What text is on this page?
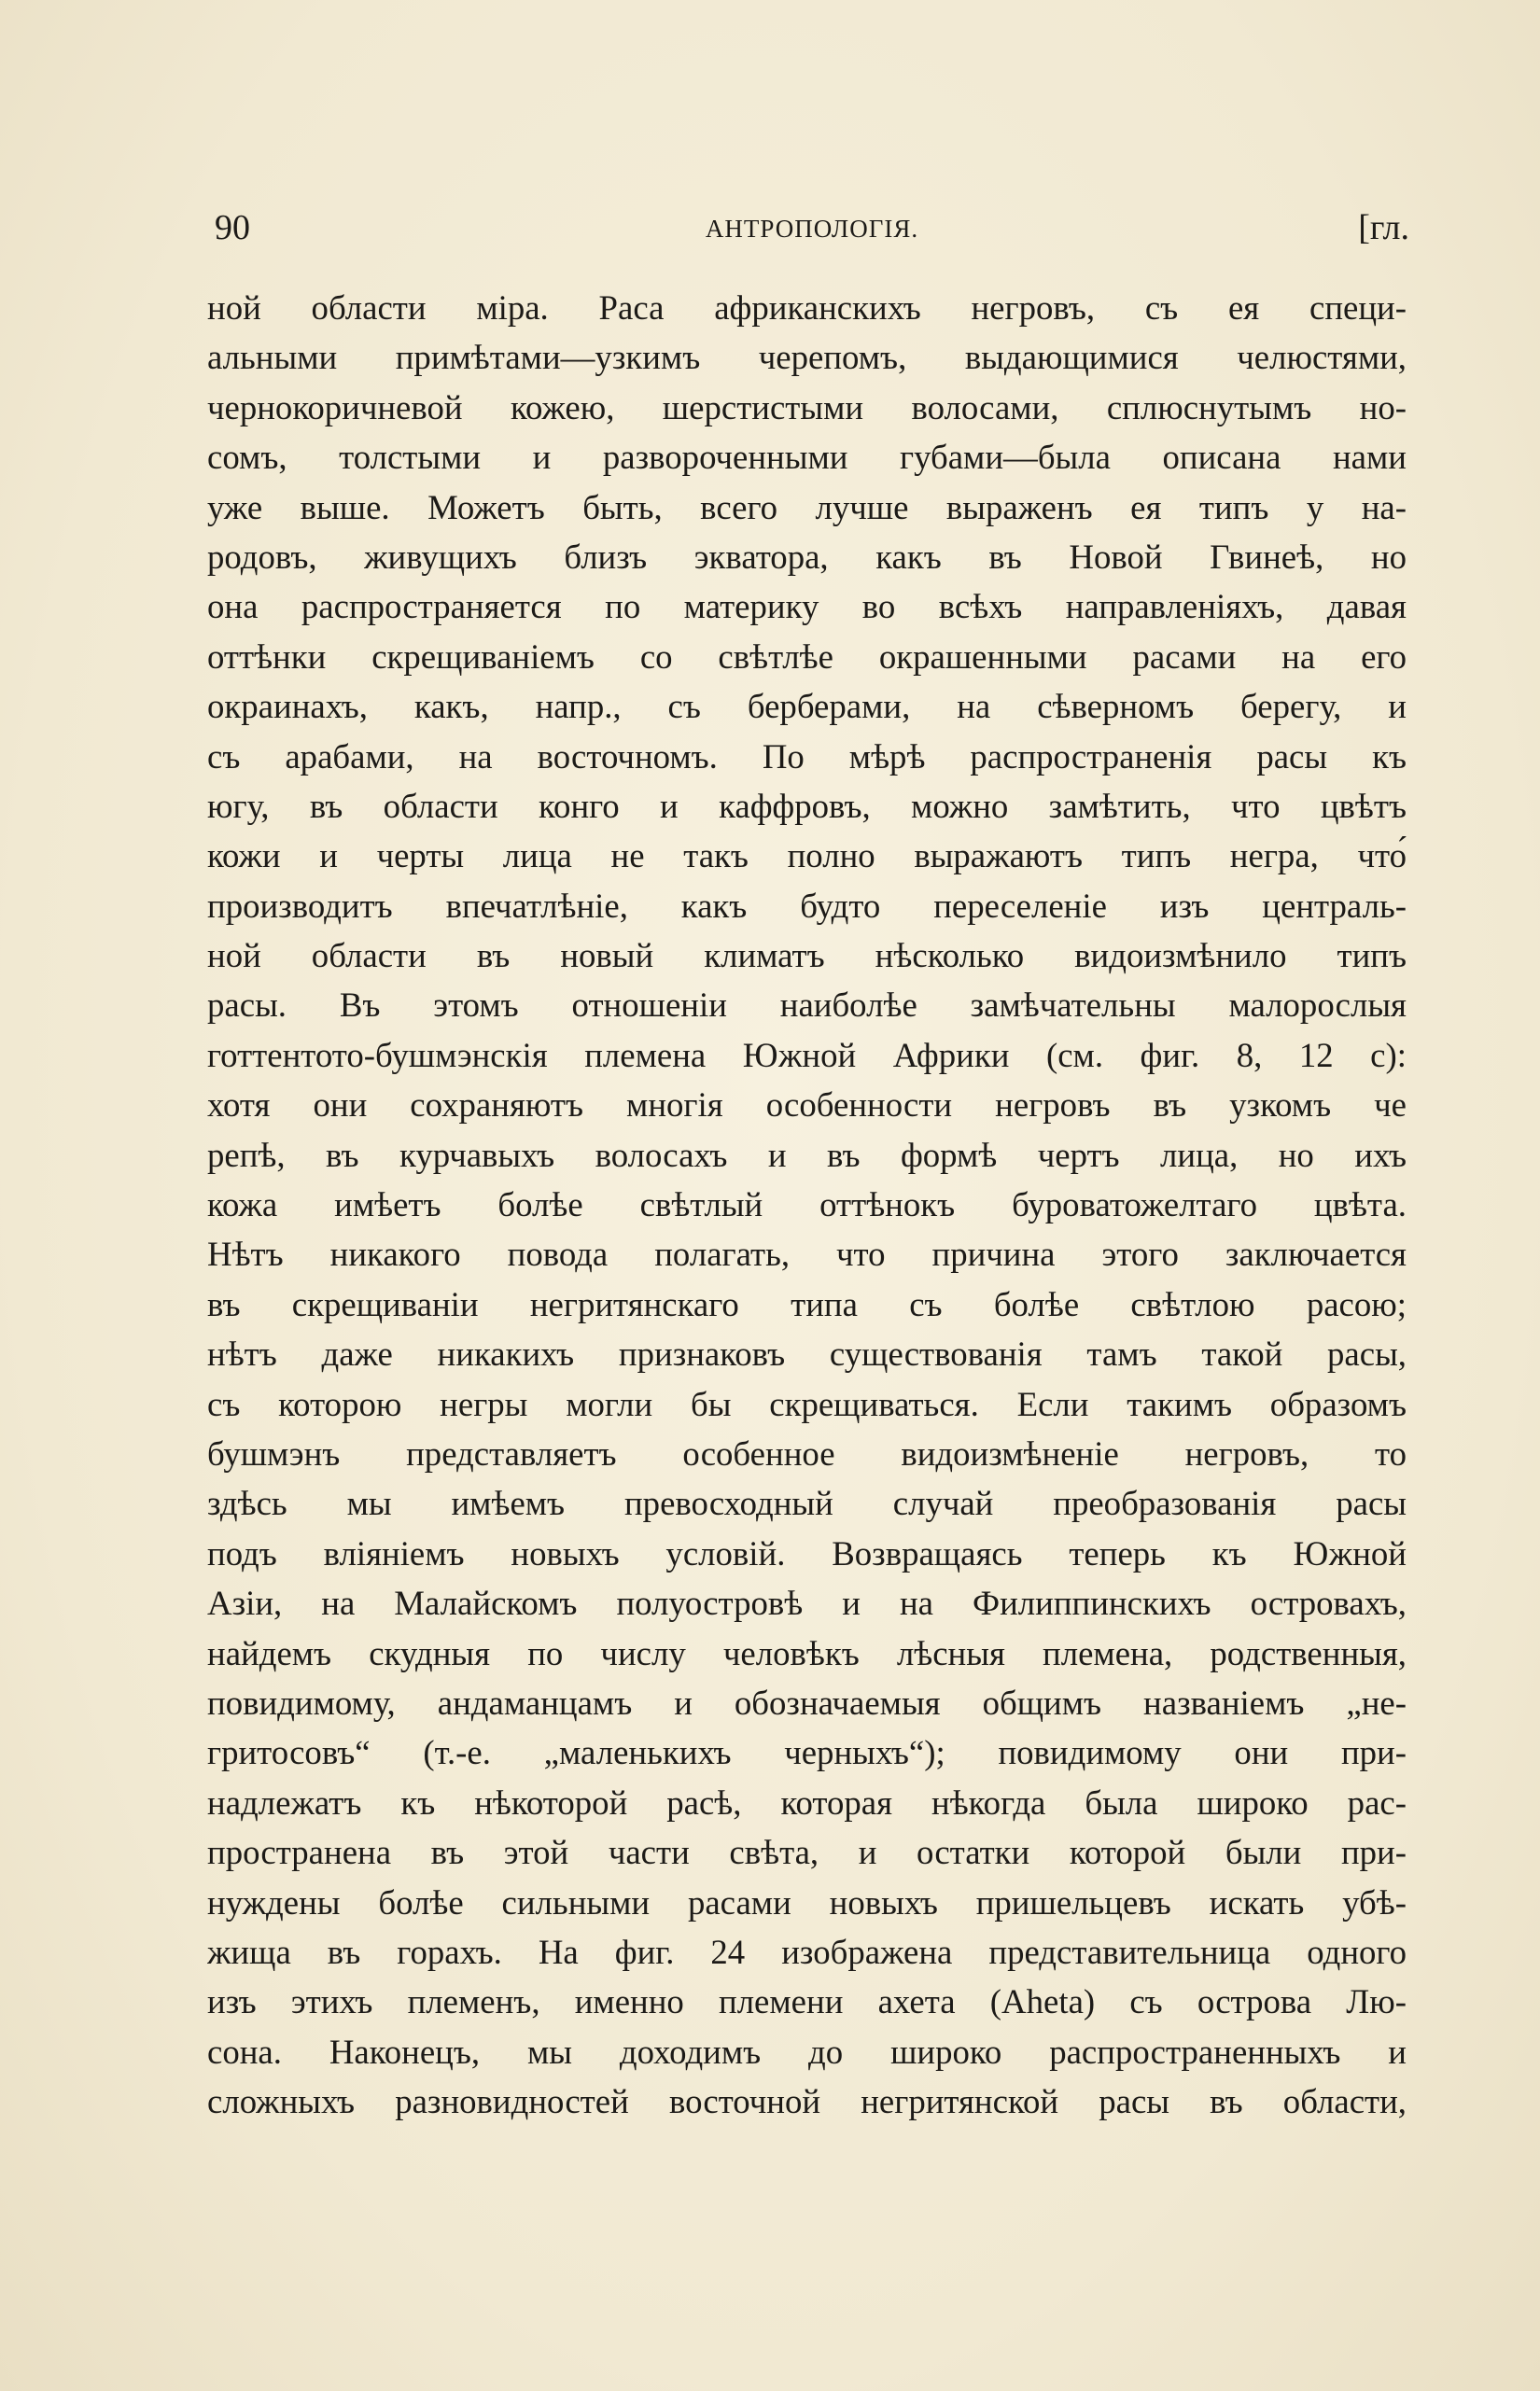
90	АНТРОПОЛОГIЯ.	[гл.
ной области мiра. Раса африканскихъ негровъ, съ ея специ-
альными примѣтами—узкимъ черепомъ, выдающимися челюстями,
чернокоричневой кожею, шерстистыми волосами, сплюснутымъ но-
сомъ, толстыми и развороченными губами—была описана нами
уже выше. Можетъ быть, всего лучше выраженъ ея типъ у на-
родовъ, живущихъ близъ экватора, какъ въ Новой Гвинеѣ, но
она распространяется по материку во всѣхъ направленiяхъ, давая
оттѣнки скрещиванiемъ со свѣтлѣе окрашенными расами на его
окраинахъ, какъ, напр., съ берберами, на сѣверномъ берегу, и
съ арабами, на восточномъ. По мѣрѣ распространенiя расы къ
югу, въ области конго и каффровъ, можно замѣтить, что цвѣтъ
кожи и черты лица не такъ полно выражаютъ типъ негра, что́
производитъ впечатлѣнiе, какъ будто переселенiе изъ централь-
ной области въ новый климатъ нѣсколько видоизмѣнило типъ
расы. Въ этомъ отношенiи наиболѣе замѣчательны малорослыя
готтентото-бушмэнскiя племена Южной Африки (см. фиг. 8, 12 c):
хотя они сохраняютъ многiя особенности негровъ въ узкомъ че
репѣ, въ курчавыхъ волосахъ и въ формѣ чертъ лица, но ихъ
кожа имѣетъ болѣе свѣтлый оттѣнокъ буроватожелтаго цвѣта.
Нѣтъ никакого повода полагать, что причина этого заключается
въ скрещиванiи негритянскаго типа съ болѣе свѣтлою расою;
нѣтъ даже никакихъ признаковъ существованiя тамъ такой расы,
съ которою негры могли бы скрещиваться. Если такимъ образомъ
бушмэнъ представляетъ особенное видоизмѣненiе негровъ, то
здѣсь мы имѣемъ превосходный случай преобразованiя расы
подъ влiянiемъ новыхъ условiй. Возвращаясь теперь къ Южной
Азiи, на Малайскомъ полуостровѣ и на Филиппинскихъ островахъ,
найдемъ скудныя по числу человѣкъ лѣсныя племена, родственныя,
повидимому, андаманцамъ и обозначаемыя общимъ названiемъ „не-
гритосовъ“ (т.-е. „маленькихъ черныхъ“); повидимому они при-
надлежатъ къ нѣкоторой расѣ, которая нѣкогда была широко рас-
пространена въ этой части свѣта, и остатки которой были при-
нуждены болѣе сильными расами новыхъ пришельцевъ искать убѣ-
жища въ горахъ. На фиг. 24 изображена представительница одного
изъ этихъ племенъ, именно племени ахета (Aheta) съ острова Лю-
сона. Наконецъ, мы доходимъ до широко распространенныхъ и
сложныхъ разновидностей восточной негритянской расы въ области,
